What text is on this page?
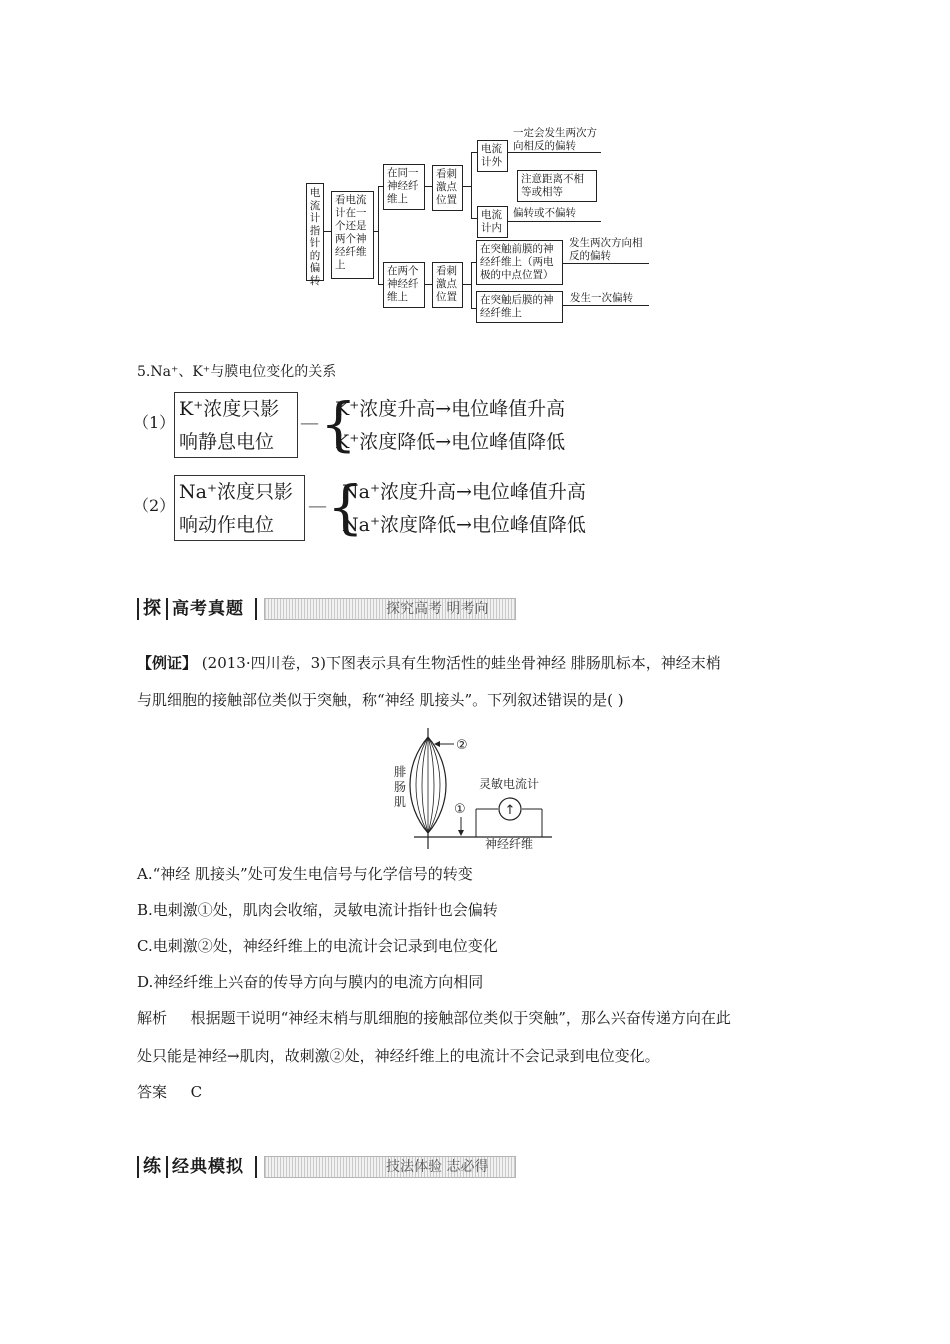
电流计指针的偏转
看电流计在一个还是两个神经纤维上
在同一神经纤维上
在两个神经纤维上
看刺激点位置
看刺激点位置
电流计外
一定会发生两次方向相反的偏转
电流计内
注意距离不相等或相等
偏转或不偏转
在突触前膜的神经纤维上（两电极的中点位置）
发生两次方向相反的偏转
在突触后膜的神经纤维上
发生一次偏转
5.Na⁺、K⁺与膜电位变化的关系
（1）
K⁺浓度只影
响静息电位
— {
K⁺浓度升高→电位峰值升高
K⁺浓度降低→电位峰值降低
（2）
Na⁺浓度只影
响动作电位
— {
Na⁺浓度升高→电位峰值升高
Na⁺浓度降低→电位峰值降低
探 高考真题	探究高考 明考向
【例证】 (2013·四川卷，3)下图表示具有生物活性的蛙坐骨神经 腓肠肌标本，神经末梢
与肌细胞的接触部位类似于突触，称“神经 肌接头”。下列叙述错误的是( )
↑
②
①
灵敏电流计
神经纤维
腓肠肌
A.“神经 肌接头”处可发生电信号与化学信号的转变
B.电刺激①处，肌肉会收缩，灵敏电流计指针也会偏转
C.电刺激②处，神经纤维上的电流计会记录到电位变化
D.神经纤维上兴奋的传导方向与膜内的电流方向相同
解析 根据题干说明“神经末梢与肌细胞的接触部位类似于突触”，那么兴奋传递方向在此
处只能是神经→肌肉，故刺激②处，神经纤维上的电流计不会记录到电位变化。
答案 C
练 经典模拟	技法体验 志必得
